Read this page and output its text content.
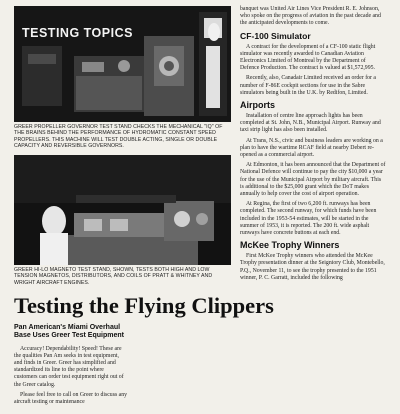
TESTING TOPICS
GREER PROPELLER GOVERNOR TEST STAND CHECKS THE MECHANICAL "IQ" OF THE BRAINS BEHIND THE PERFORMANCE OF HYDROMATIC CONSTANT SPEED PROPELLERS. THIS MACHINE WILL TEST DOUBLE ACTING, SINGLE OR DOUBLE CAPACITY AND REVERSIBLE GOVERNORS.
GREER HI-LO MAGNETO TEST STAND, SHOWN, TESTS BOTH HIGH AND LOW TENSION MAGNETOS, DISTRIBUTORS, AND COILS OF PRATT & WHITNEY AND WRIGHT AIRCRAFT ENGINES.
Testing the Flying Clippers
Pan American's Miami Overhaul Base Uses Greer Test Equipment

Accuracy! Dependability! Speed! These are the qualities Pan Am seeks in test equipment, and finds in Greer. Greer has simplified and standardized its line to the point where customers can order test equipment right out of the Greer catalog.

Please feel free to call on Greer to discuss any aircraft testing or maintenance

banquet was United Air Lines Vice President R. E. Johnson, who spoke on the progress of aviation in the past decade and the anticipated developments to come.

CF-100 Simulator

A contract for the development of a CF-100 static flight simulator was recently awarded to Canadian Aviation Electronics Limited of Montreal by the Department of Defence Production. The contract is valued at $1,572,995.

Recently, also, Canadair Limited received an order for a number of F-86E cockpit sections for use in the Sabre simulators being built in the U.K. by Redifon, Limited.

Airports

Installation of centre line approach lights has been completed at St. John, N.B., Municipal Airport. Runway and taxi strip light has also been installed.

At Trans, N.S., civic and business leaders are working on a plan to have the wartime RCAF field at nearby Debert re-opened as a commercial airport.

At Edmonton, it has been announced that the Department of National Defence will continue to pay the city $10,000 a year for the use of the Municipal Airport by military aircraft. This is additional to the $25,000 grant which the DoT makes annually to help cover the cost of airport operation.

At Regina, the first of two 6,200 ft. runways has been completed. The second runway, for which funds have been included in the 1953-54 estimates, will be started in the summer of 1953, it is reported. The 200 ft. wide asphalt runways have concrete buttons at each end.

McKee Trophy Winners

First McKee Trophy winners who attended the McKee Trophy presentation dinner at the Seigniory Club, Montebello, P.Q., November 11, to see the trophy presented to the 1951 winner, P. C. Garratt, included the following
